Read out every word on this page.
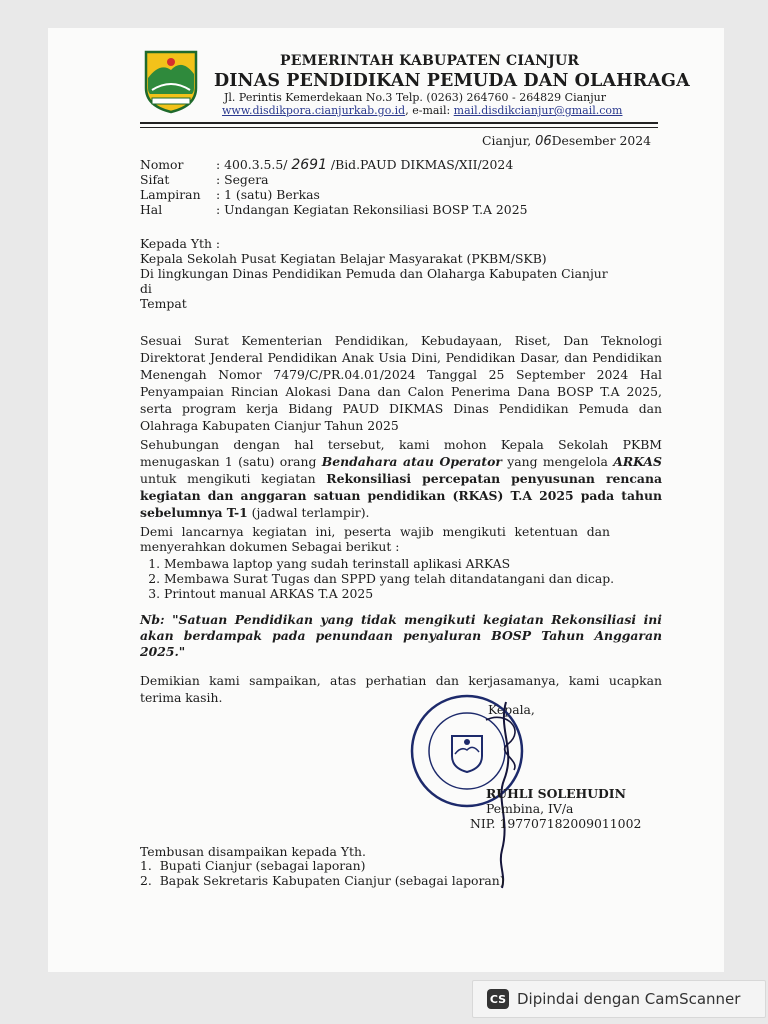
PEMERINTAH KABUPATEN CIANJUR
DINAS PENDIDIKAN PEMUDA DAN OLAHRAGA
Jl. Perintis Kemerdekaan No.3 Telp. (0263) 264760 - 264829 Cianjur
www.disdikpora.cianjurkab.go.id, e-mail: mail.disdikcianjur@gmail.com
Cianjur, 06Desember 2024
Nomor	: 400.3.5.5/ 2691 /Bid.PAUD DIKMAS/XII/2024
Sifat	: Segera
Lampiran : 1 (satu) Berkas
Hal	: Undangan Kegiatan Rekonsiliasi BOSP T.A 2025
Kepada Yth :
Kepala Sekolah Pusat Kegiatan Belajar Masyarakat (PKBM/SKB)
Di lingkungan Dinas Pendidikan Pemuda dan Olaharga Kabupaten Cianjur
di
Tempat
Sesuai Surat Kementerian Pendidikan, Kebudayaan, Riset, Dan Teknologi Direktorat Jenderal Pendidikan Anak Usia Dini, Pendidikan Dasar, dan Pendidikan Menengah Nomor 7479/C/PR.04.01/2024 Tanggal 25 September 2024 Hal Penyampaian Rincian Alokasi Dana dan Calon Penerima Dana BOSP T.A 2025, serta program kerja Bidang PAUD DIKMAS Dinas Pendidikan Pemuda dan Olahraga Kabupaten Cianjur Tahun 2025
Sehubungan dengan hal tersebut, kami mohon Kepala Sekolah PKBM menugaskan 1 (satu) orang Bendahara atau Operator yang mengelola ARKAS untuk mengikuti kegiatan Rekonsiliasi percepatan penyusunan rencana kegiatan dan anggaran satuan pendidikan (RKAS) T.A 2025 pada tahun sebelumnya T-1 (jadwal terlampir).
Demi lancarnya kegiatan ini, peserta wajib mengikuti ketentuan dan menyerahkan dokumen Sebagai berikut :
1. Membawa laptop yang sudah terinstall aplikasi ARKAS
2. Membawa Surat Tugas dan SPPD yang telah ditandatangani dan dicap.
3. Printout manual ARKAS T.A 2025
Nb: "Satuan Pendidikan yang tidak mengikuti kegiatan Rekonsiliasi ini akan berdampak pada penundaan penyaluran BOSP Tahun Anggaran 2025."
Demikian kami sampaikan, atas perhatian dan kerjasamanya, kami ucapkan terima kasih.
Kepala,
RUHLI SOLEHUDIN
Pembina, IV/a
NIP. 197707182009011002
Tembusan disampaikan kepada Yth.
1.  Bupati Cianjur (sebagai laporan)
2.  Bapak Sekretaris Kabupaten Cianjur (sebagai laporan)
CS Dipindai dengan CamScanner
